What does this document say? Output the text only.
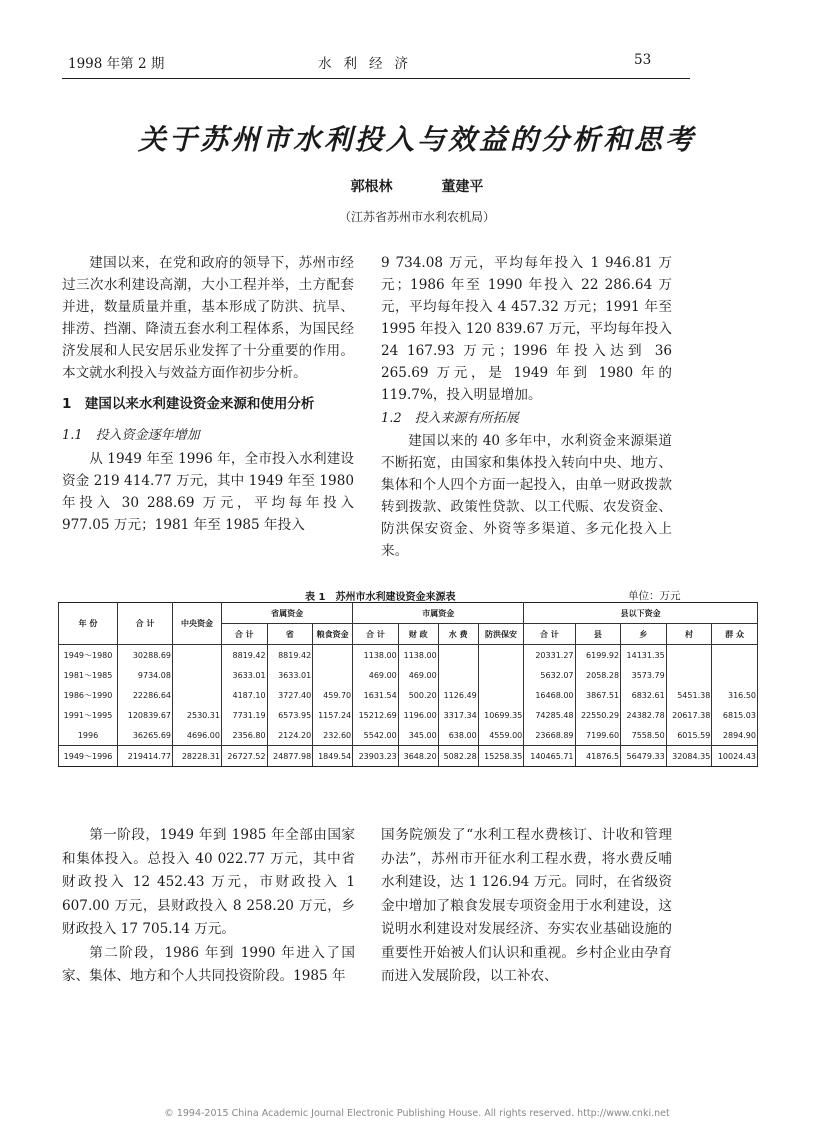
1998 年第 2 期	水利经济	53
关于苏州市水利投入与效益的分析和思考
郭根林	董建平
（江苏省苏州市水利农机局）

建国以来，在党和政府的领导下，苏州市经过三次水利建设高潮，大小工程并举，土方配套并进，数量质量并重，基本形成了防洪、抗旱、排涝、挡潮、降渍五套水利工程体系，为国民经济发展和人民安居乐业发挥了十分重要的作用。本文就水利投入与效益方面作初步分析。

1　建国以来水利建设资金来源和使用分析

1.1　投入资金逐年增加

从 1949 年至 1996 年，全市投入水利建设资金 219 414.77 万元，其中 1949 年至 1980 年投入 30 288.69 万元，平均每年投入 977.05 万元；1981 年至 1985 年投入

9 734.08 万元，平均每年投入 1 946.81 万元；1986 年至 1990 年投入 22 286.64 万元，平均每年投入 4 457.32 万元；1991 年至 1995 年投入 120 839.67 万元，平均每年投入 24 167.93 万元；1996 年投入达到 36 265.69 万元，是 1949 年到 1980 年的 119.7%，投入明显增加。

1.2　投入来源有所拓展

建国以来的 40 多年中，水利资金来源渠道不断拓宽，由国家和集体投入转向中央、地方、集体和个人四个方面一起投入，由单一财政拨款转到拨款、政策性贷款、以工代赈、农发资金、防洪保安资金、外资等多渠道、多元化投入上来。

表 1　苏州市水利建设资金来源表	单位：万元
年 份	合 计	中央资金	省属资金			市属资金				县以下资金				
			合 计	省	粮食资金	合 计	财 政	水 费	防洪保安	合 计	县	乡	村	群 众
1949～1980	30288.69		8819.42	8819.42		1138.00	1138.00			20331.27	6199.92	14131.35		
1981～1985	9734.08		3633.01	3633.01		469.00	469.00			5632.07	2058.28	3573.79		
1986～1990	22286.64		4187.10	3727.40	459.70	1631.54	500.20	1126.49		16468.00	3867.51	6832.61	5451.38	316.50
1991～1995	120839.67	2530.31	7731.19	6573.95	1157.24	15212.69	1196.00	3317.34	10699.35	74285.48	22550.29	24382.78	20617.38	6815.03
1996	36265.69	4696.00	2356.80	2124.20	232.60	5542.00	345.00	638.00	4559.00	23668.89	7199.60	7558.50	6015.59	2894.90
1949～1996	219414.77	28228.31	26727.52	24877.98	1849.54	23903.23	3648.20	5082.28	15258.35	140465.71	41876.5	56479.33	32084.35	10024.43

第一阶段，1949 年到 1985 年全部由国家和集体投入。总投入 40 022.77 万元，其中省财政投入 12 452.43 万元，市财政投入 1 607.00 万元，县财政投入 8 258.20 万元，乡财政投入 17 705.14 万元。

第二阶段，1986 年到 1990 年进入了国家、集体、地方和个人共同投资阶段。1985 年

国务院颁发了“水利工程水费核订、计收和管理办法”，苏州市开征水利工程水费，将水费反哺水利建设，达 1 126.94 万元。同时，在省级资金中增加了粮食发展专项资金用于水利建设，这说明水利建设对发展经济、夯实农业基础设施的重要性开始被人们认识和重视。乡村企业由孕育而进入发展阶段，以工补农、

© 1994-2015 China Academic Journal Electronic Publishing House. All rights reserved. http://www.cnki.net
